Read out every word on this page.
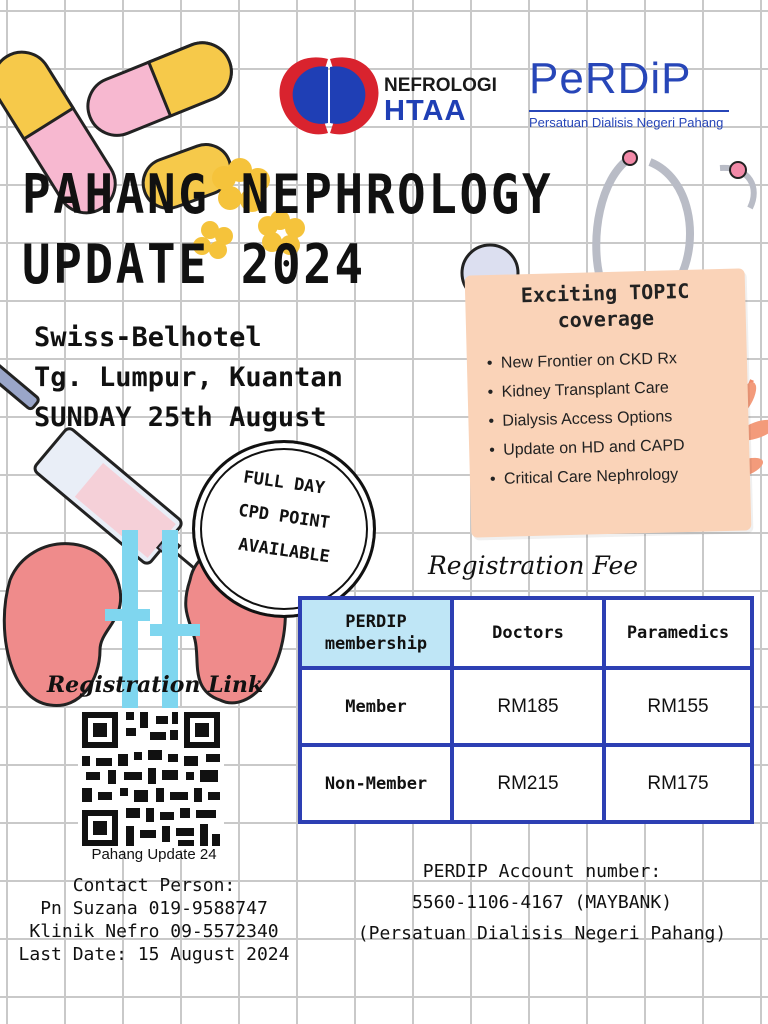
NEFROLOGI
HTAA
PeRDiP
Persatuan Dialisis Negeri Pahang
PAHANG NEPHROLOGY
UPDATE 2024
Swiss-Belhotel
Tg. Lumpur, Kuantan
SUNDAY 25th August
FULL DAY
CPD POINT
AVAILABLE
Exciting TOPIC
coverage
• New Frontier on CKD Rx
• Kidney Transplant Care
• Dialysis Access Options
• Update on HD and CAPD
• Critical Care Nephrology
Registration Fee
PERDIP
membership	Doctors	Paramedics
Member	RM185	RM155
Non-Member	RM215	RM175
Registration Link
Pahang Update 24
Contact Person:
Pn Suzana 019-9588747
Klinik Nefro 09-5572340
Last Date: 15 August 2024
PERDIP Account number:
5560-1106-4167 (MAYBANK)
(Persatuan Dialisis Negeri Pahang)
